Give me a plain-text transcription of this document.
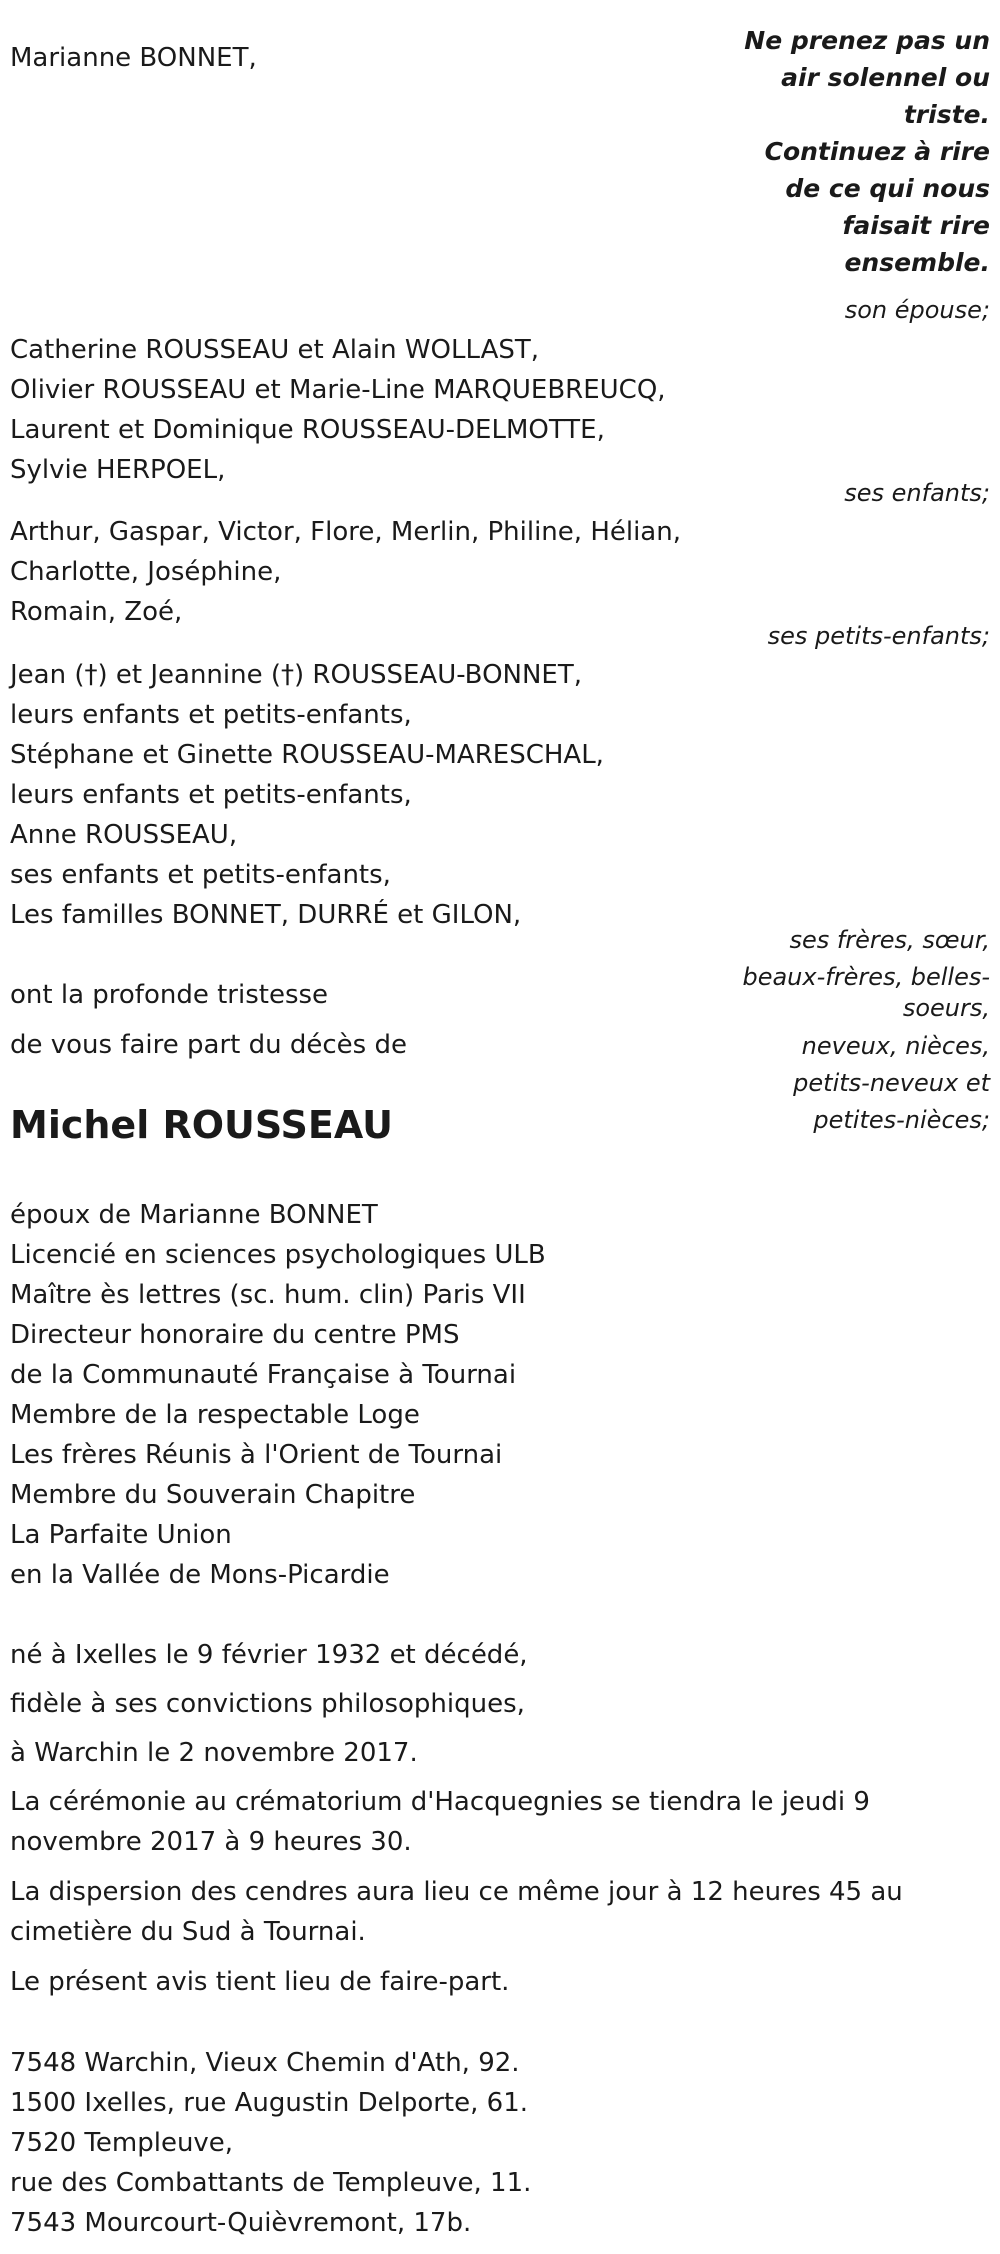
Marianne BONNET,
Ne prenez pas un
air solennel ou
triste.
Continuez à rire
de ce qui nous
faisait rire
ensemble.
son épouse;
Catherine ROUSSEAU et Alain WOLLAST,
Olivier ROUSSEAU et Marie-Line MARQUEBREUCQ,
Laurent et Dominique ROUSSEAU-DELMOTTE,
Sylvie HERPOEL,
ses enfants;
Arthur, Gaspar, Victor, Flore, Merlin, Philine, Hélian,
Charlotte, Joséphine,
Romain, Zoé,
ses petits-enfants;
Jean (†) et Jeannine (†) ROUSSEAU-BONNET,
leurs enfants et petits-enfants,
Stéphane et Ginette ROUSSEAU-MARESCHAL,
leurs enfants et petits-enfants,
Anne ROUSSEAU,
ses enfants et petits-enfants,
Les familles BONNET, DURRÉ et GILON,
ses frères, sœur,
beaux-frères, belles-
soeurs,
neveux, nièces,
petits-neveux et
petites-nièces;
ont la profonde tristesse
de vous faire part du décès de
Michel ROUSSEAU
époux de Marianne BONNET
Licencié en sciences psychologiques ULB
Maître ès lettres (sc. hum. clin) Paris VII
Directeur honoraire du centre PMS
de la Communauté Française à Tournai
Membre de la respectable Loge
Les frères Réunis à l'Orient de Tournai
Membre du Souverain Chapitre
La Parfaite Union
en la Vallée de Mons-Picardie
né à Ixelles le 9 février 1932 et décédé,
fidèle à ses convictions philosophiques,
à Warchin le 2 novembre 2017.
La cérémonie au crématorium d'Hacquegnies se tiendra le jeudi 9 novembre 2017 à 9 heures 30.
La dispersion des cendres aura lieu ce même jour à 12 heures 45 au cimetière du Sud à Tournai.
Le présent avis tient lieu de faire-part.
7548 Warchin, Vieux Chemin d'Ath, 92.
1500 Ixelles, rue Augustin Delporte, 61.
7520 Templeuve,
rue des Combattants de Templeuve, 11.
7543 Mourcourt-Quièvremont, 17b.
